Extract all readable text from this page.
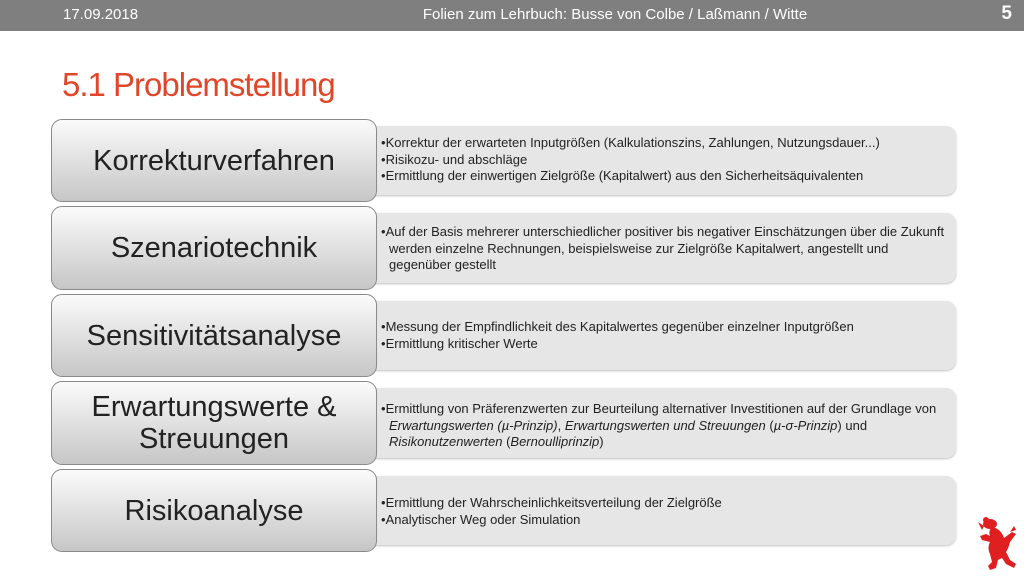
17.09.2018	Folien zum Lehrbuch: Busse von Colbe / Laßmann / Witte	5
5.1 Problemstellung
• Korrektur der erwarteten Inputgrößen (Kalkulationszins, Zahlungen, Nutzungsdauer...)
• Risikozu- und abschläge
• Ermittlung der einwertigen Zielgröße (Kapitalwert) aus den Sicherheitsäquivalenten
Korrekturverfahren
• Auf der Basis mehrerer unterschiedlicher positiver bis negativer Einschätzungen über die Zukunft werden einzelne Rechnungen, beispielsweise zur Zielgröße Kapitalwert, angestellt und gegenüber gestellt
Szenariotechnik
• Messung der Empfindlichkeit des Kapitalwertes gegenüber einzelner Inputgrößen
• Ermittlung kritischer Werte
Sensitivitätsanalyse
• Ermittlung von Präferenzwerten zur Beurteilung alternativer Investitionen auf der Grundlage von Erwartungswerten (µ-Prinzip), Erwartungswerten und Streuungen (µ-σ-Prinzip) und Risikonutzenwerten (Bernoulliprinzip)
Erwartungswerte &
Streuungen
• Ermittlung der Wahrscheinlichkeitsverteilung der Zielgröße
• Analytischer Weg oder Simulation
Risikoanalyse
